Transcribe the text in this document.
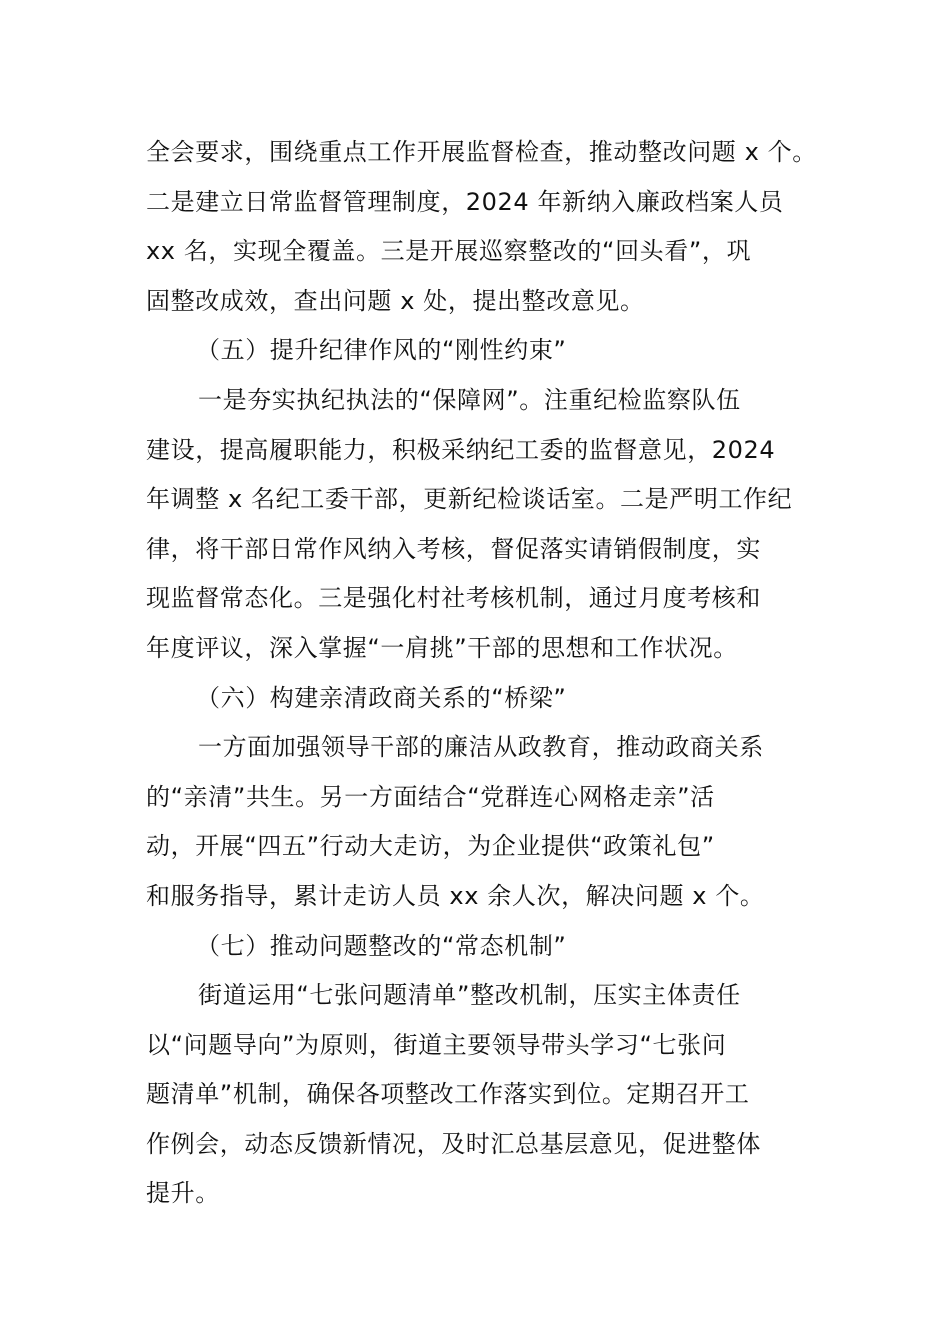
全会要求，围绕重点工作开展监督检查，推动整改问题 x 个。
二是建立日常监督管理制度，2024 年新纳入廉政档案人员
xx 名，实现全覆盖。三是开展巡察整改的“回头看”，巩
固整改成效，查出问题 x 处，提出整改意见。
（五）提升纪律作风的“刚性约束”
一是夯实执纪执法的“保障网”。注重纪检监察队伍
建设，提高履职能力，积极采纳纪工委的监督意见，2024
年调整 x 名纪工委干部，更新纪检谈话室。二是严明工作纪
律，将干部日常作风纳入考核，督促落实请销假制度，实
现监督常态化。三是强化村社考核机制，通过月度考核和
年度评议，深入掌握“一肩挑”干部的思想和工作状况。
（六）构建亲清政商关系的“桥梁”
一方面加强领导干部的廉洁从政教育，推动政商关系
的“亲清”共生。另一方面结合“党群连心网格走亲”活
动，开展“四五”行动大走访，为企业提供“政策礼包”
和服务指导，累计走访人员 xx 余人次，解决问题 x 个。
（七）推动问题整改的“常态机制”
街道运用“七张问题清单”整改机制，压实主体责任
以“问题导向”为原则，街道主要领导带头学习“七张问
题清单”机制，确保各项整改工作落实到位。定期召开工
作例会，动态反馈新情况，及时汇总基层意见，促进整体
提升。
